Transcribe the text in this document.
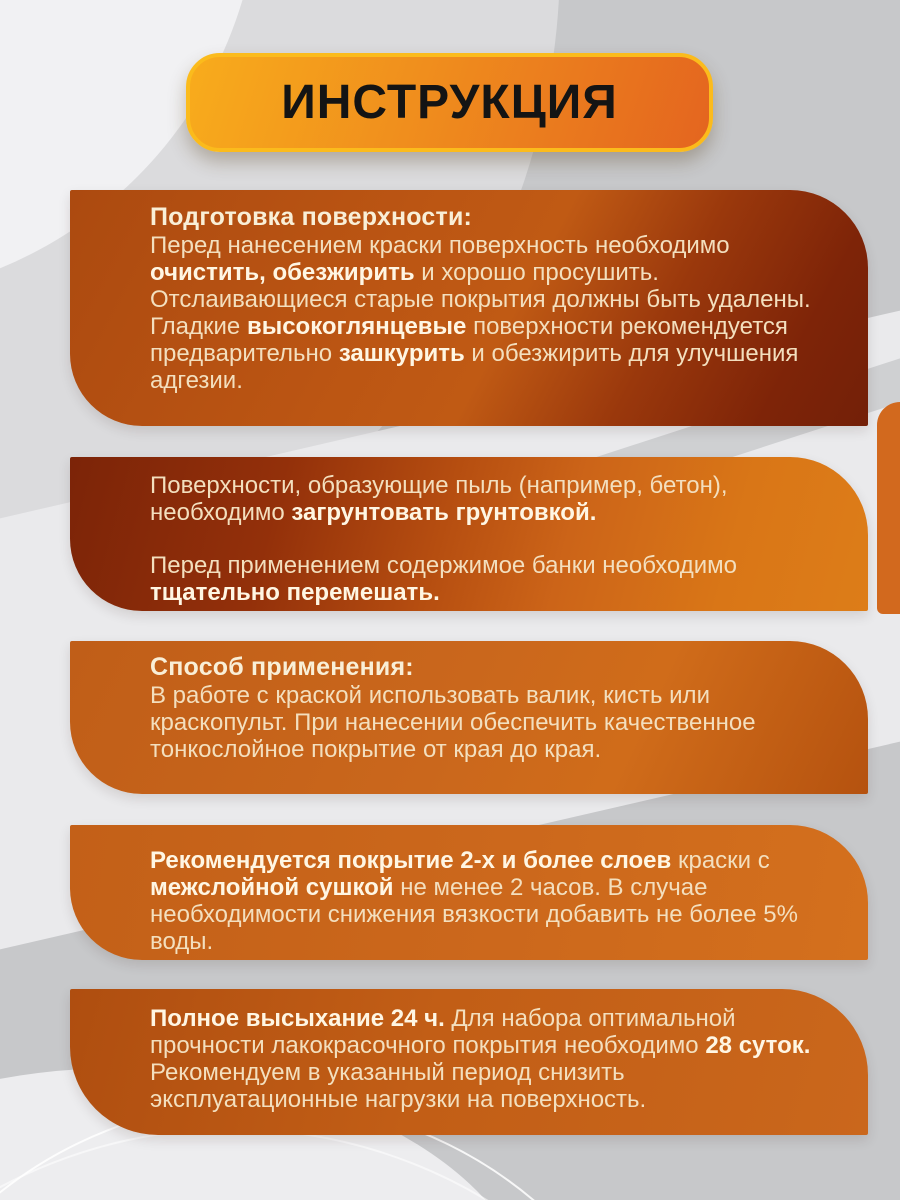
ИНСТРУКЦИЯ
Подготовка поверхности:

Перед нанесением краски поверхность необходимо очистить, обезжирить и хорошо просушить. Отслаивающиеся старые покрытия должны быть удалены.

Гладкие высокоглянцевые поверхности рекомендуется предварительно зашкурить и обезжирить для улучшения адгезии.

Поверхности, образующие пыль (например, бетон), необходимо загрунтовать грунтовкой.

Перед применением содержимое банки необходимо тщательно перемешать.

Способ применения:

В работе с краской использовать валик, кисть или краскопульт. При нанесении обеспечить качественное тонкослойное покрытие от края до края.

Рекомендуется покрытие 2-х и более слоев краски с межслойной сушкой не менее 2 часов. В случае необходимости снижения вязкости добавить не более 5% воды.

Полное высыхание 24 ч. Для набора оптимальной прочности лакокрасочного покрытия необходимо 28 суток. Рекомендуем в указанный период снизить эксплуатационные нагрузки на поверхность.
